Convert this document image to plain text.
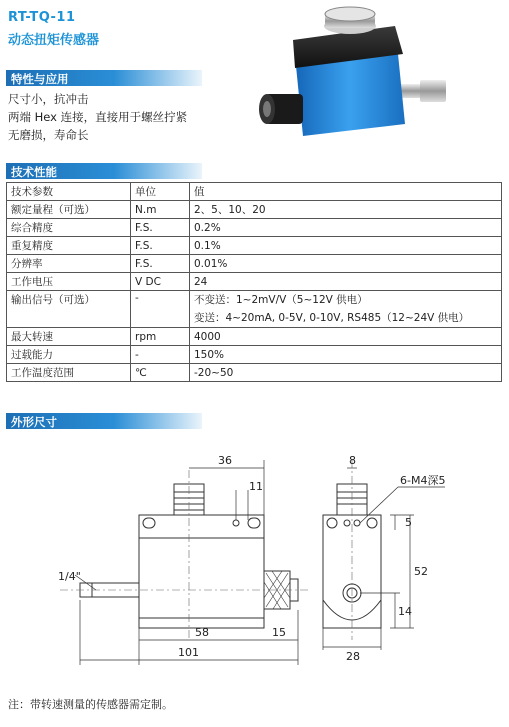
RT-TQ-11
动态扭矩传感器
特性与应用
尺寸小，抗冲击
两端 Hex 连接，直接用于螺丝拧紧
无磨损，寿命长
技术性能
技术参数	单位	值
额定量程（可选）	N.m	2、5、10、20
综合精度	F.S.	0.2%
重复精度	F.S.	0.1%
分辨率	F.S.	0.01%
工作电压	V DC	24
输出信号（可选）	-	不变送：1~2mV/V（5~12V 供电）
变送：4~20mA, 0-5V, 0-10V, RS485（12~24V 供电）

最大转速	rpm	4000
过载能力	-	150%
工作温度范围	℃	-20~50
外形尺寸
36
11
1/4"
58	15
101
8
6-M4深5
5
52
14
28
注：带转速测量的传感器需定制。
